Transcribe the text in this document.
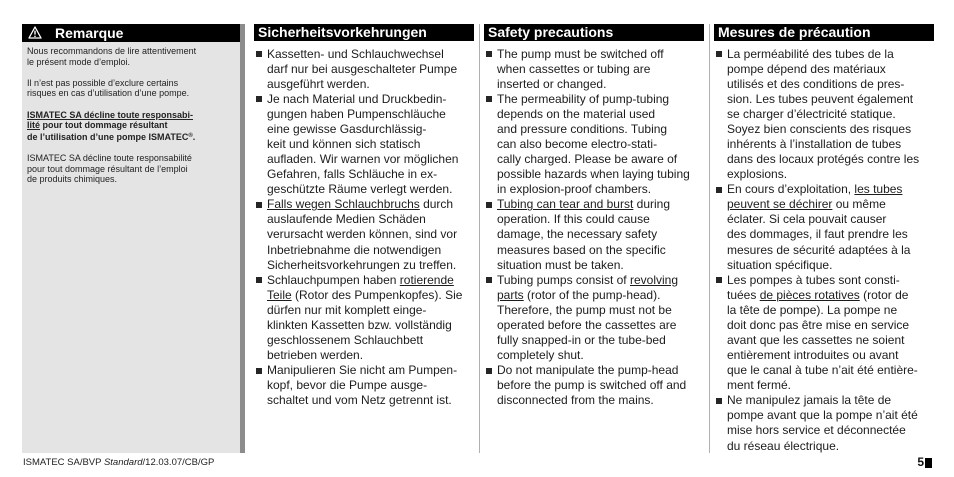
Remarque
Nous recommandons de lire attentivement
le présent mode d’emploi.
Il n’est pas possible d’exclure certains
risques en cas d’utilisation d’une pompe.
ISMATEC SA décline toute responsabi-
lité pour tout dommage résultant
de l’utilisation d’une pompe ISMATEC®.
ISMATEC SA décline toute responsabilité
pour tout dommage résultant de l’emploi
de produits chimiques.
Sicherheitsvorkehrungen
Kassetten- und Schlauchwechsel
darf nur bei ausgeschalteter Pumpe
ausgeführt werden.
Je nach Material und Druckbedin-
gungen haben Pumpenschläuche
eine gewisse Gasdurchlässig-
keit und können sich statisch
aufladen. Wir warnen vor möglichen
Gefahren, falls Schläuche in ex-
geschützte Räume verlegt werden.
Falls wegen Schlauchbruchs durch
auslaufende Medien Schäden
verursacht werden können, sind vor
Inbetriebnahme die notwendigen
Sicherheitsvorkehrungen zu treffen.
Schlauchpumpen haben rotierende
Teile (Rotor des Pumpenkopfes). Sie
dürfen nur mit komplett einge-
klinkten Kassetten bzw. vollständig
geschlossenem Schlauchbett
betrieben werden.
Manipulieren Sie nicht am Pumpen-
kopf, bevor die Pumpe ausge-
schaltet und vom Netz getrennt ist.
Safety precautions
The pump must be switched off
when cassettes or tubing are
inserted or changed.
The permeability of pump-tubing
depends on the material used
and pressure conditions. Tubing
can also become electro-stati-
cally charged. Please be aware of
possible hazards when laying tubing
in explosion-proof chambers.
Tubing can tear and burst during
operation. If this could cause
damage, the necessary safety
measures based on the specific
situation must be taken.
Tubing pumps consist of revolving
parts (rotor of the pump-head).
Therefore, the pump must not be
operated before the cassettes are
fully snapped-in or the tube-bed
completely shut.
Do not manipulate the pump-head
before the pump is switched off and
disconnected from the mains.
Mesures de précaution
La perméabilité des tubes de la
pompe dépend des matériaux
utilisés et des conditions de pres-
sion. Les tubes peuvent également
se charger d’électricité statique.
Soyez bien conscients des risques
inhérents à l’installation de tubes
dans des locaux protégés contre les
explosions.
En cours d’exploitation, les tubes
peuvent se déchirer ou même
éclater. Si cela pouvait causer
des dommages, il faut prendre les
mesures de sécurité adaptées à la
situation spécifique.
Les pompes à tubes sont consti-
tuées de pièces rotatives (rotor de
la tête de pompe). La pompe ne
doit donc pas être mise en service
avant que les cassettes ne soient
entièrement introduites ou avant
que le canal à tube n’ait été entière-
ment fermé.
Ne manipulez jamais la tête de
pompe avant que la pompe n’ait été
mise hors service et déconnectée
du réseau électrique.
ISMATEC SA/BVP Standard/12.03.07/CB/GP	5
